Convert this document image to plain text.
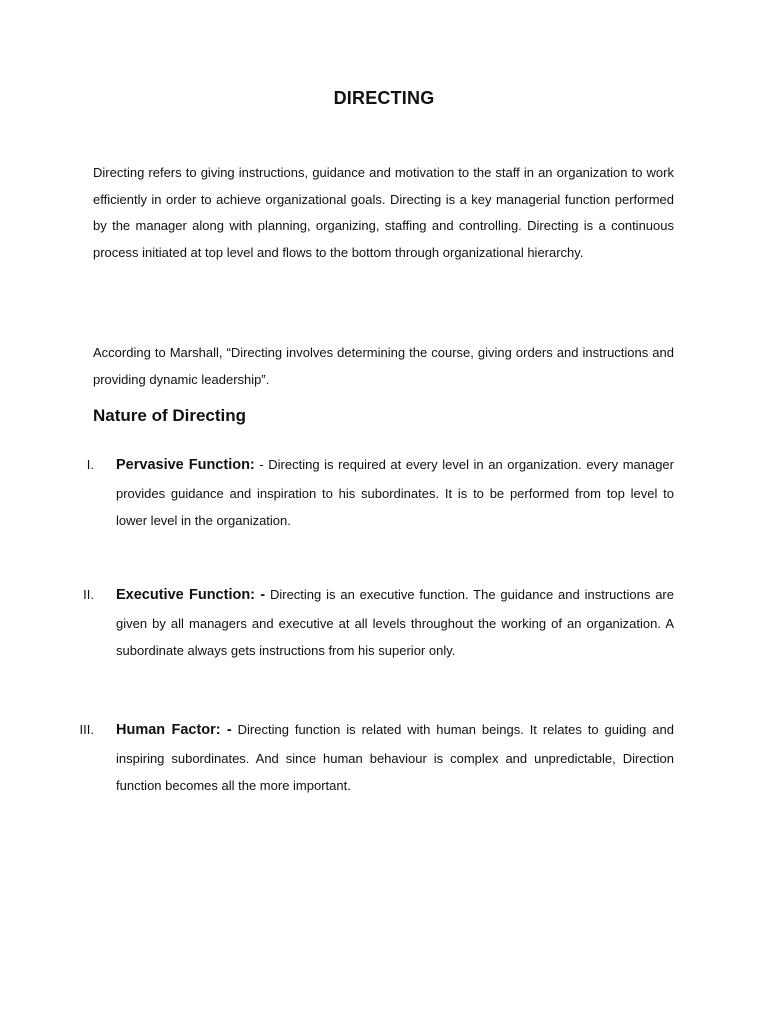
DIRECTING

Directing refers to giving instructions, guidance and motivation to the staff in an organization to work efficiently in order to achieve organizational goals. Directing is a key managerial function performed by the manager along with planning, organizing, staffing and controlling. Directing is a continuous process initiated at top level and flows to the bottom through organizational hierarchy.

According to Marshall, “Directing involves determining the course, giving orders and instructions and providing dynamic leadership”.

Nature of Directing
I. Pervasive Function: - Directing is required at every level in an organization. every manager provides guidance and inspiration to his subordinates. It is to be performed from top level to lower level in the organization.

II. Executive Function: - Directing is an executive function. The guidance and instructions are given by all managers and executive at all levels throughout the working of an organization. A subordinate always gets instructions from his superior only.

III. Human Factor: - Directing function is related with human beings. It relates to guiding and inspiring subordinates. And since human behaviour is complex and unpredictable, Direction function becomes all the more important.
